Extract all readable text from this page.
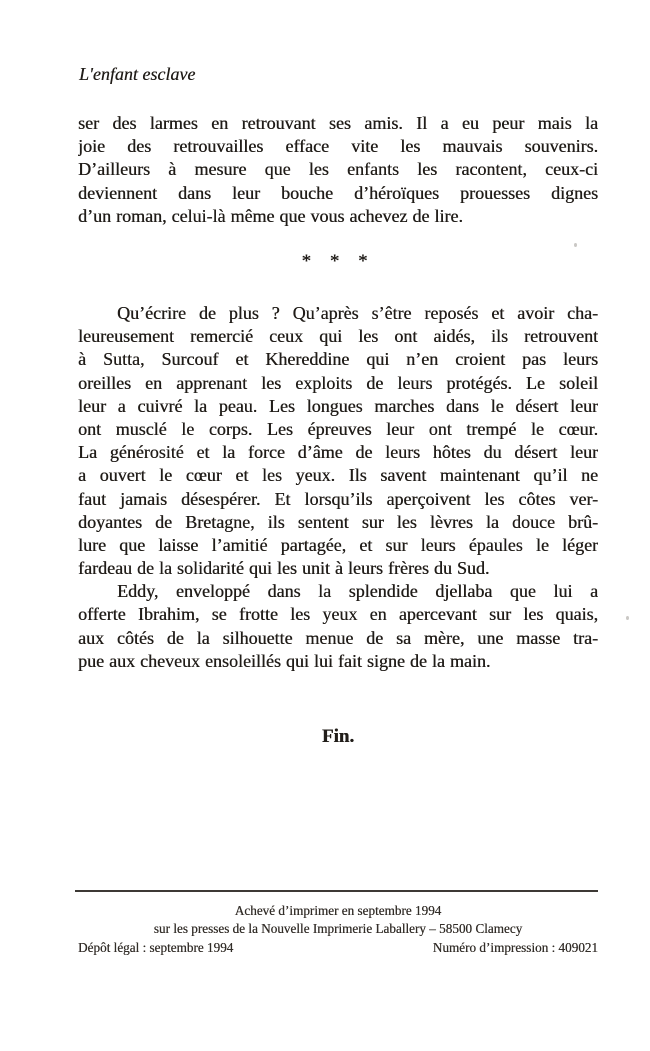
L'enfant esclave
ser des larmes en retrouvant ses amis. Il a eu peur mais la
joie des retrouvailles efface vite les mauvais souvenirs.
D’ailleurs à mesure que les enfants les racontent, ceux-ci
deviennent dans leur bouche d’héroïques prouesses dignes
d’un roman, celui-là même que vous achevez de lire.
* * *
Qu’écrire de plus ? Qu’après s’être reposés et avoir cha-
leureusement remercié ceux qui les ont aidés, ils retrouvent
à Sutta, Surcouf et Khereddine qui n’en croient pas leurs
oreilles en apprenant les exploits de leurs protégés. Le soleil
leur a cuivré la peau. Les longues marches dans le désert leur
ont musclé le corps. Les épreuves leur ont trempé le cœur.
La générosité et la force d’âme de leurs hôtes du désert leur
a ouvert le cœur et les yeux. Ils savent maintenant qu’il ne
faut jamais désespérer. Et lorsqu’ils aperçoivent les côtes ver-
doyantes de Bretagne, ils sentent sur les lèvres la douce brû-
lure que laisse l’amitié partagée, et sur leurs épaules le léger
fardeau de la solidarité qui les unit à leurs frères du Sud.
Eddy, enveloppé dans la splendide djellaba que lui a
offerte Ibrahim, se frotte les yeux en apercevant sur les quais,
aux côtés de la silhouette menue de sa mère, une masse tra-
pue aux cheveux ensoleillés qui lui fait signe de la main.
Fin.
Achevé d’imprimer en septembre 1994
sur les presses de la Nouvelle Imprimerie Laballery – 58500 Clamecy
Dépôt légal : septembre 1994	Numéro d’impression : 409021
